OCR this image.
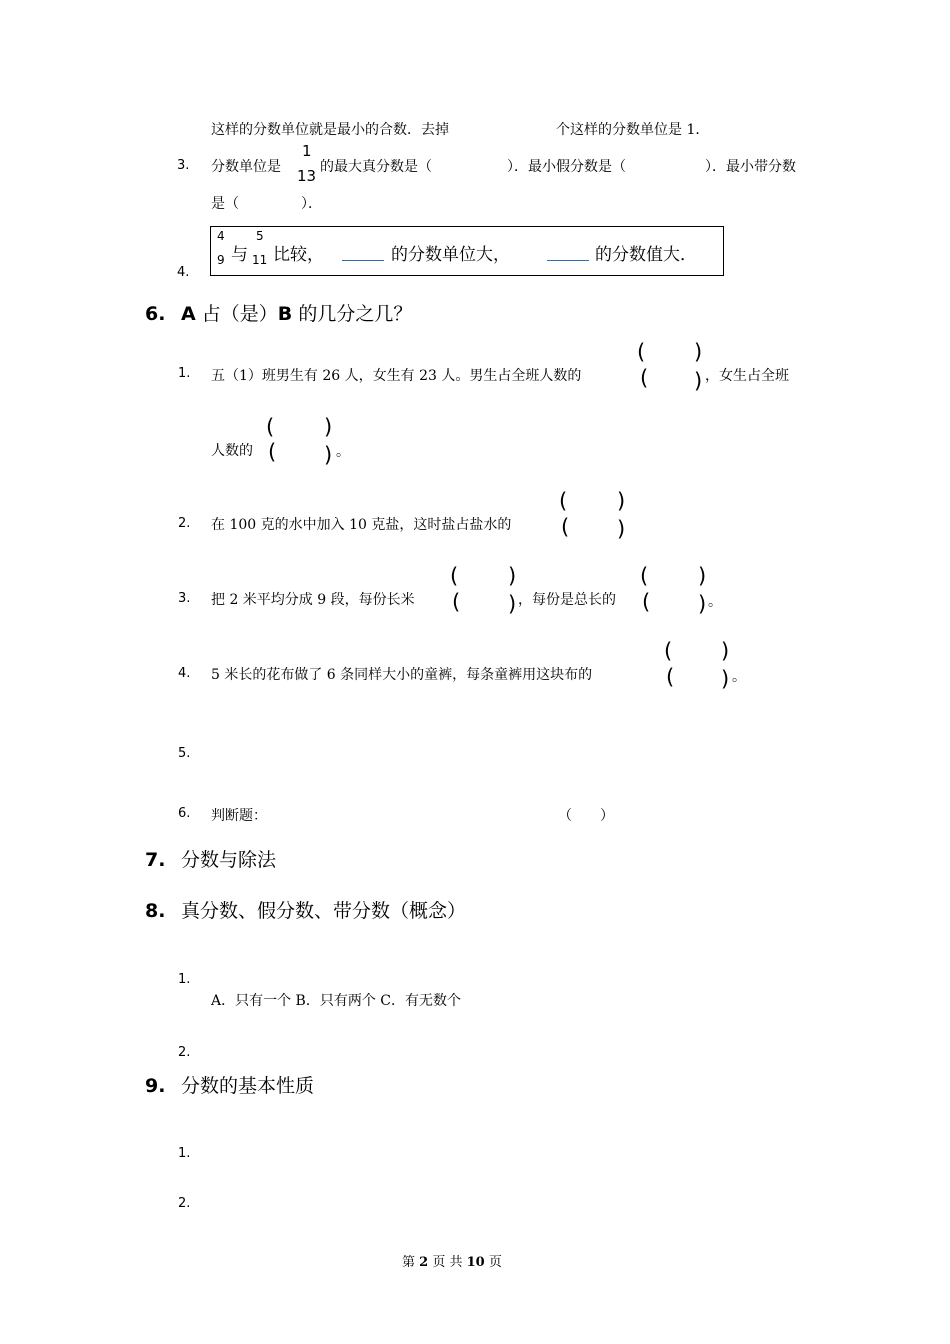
这样的分数单位就是最小的合数．去掉	个这样的分数单位是 1．
3. 分数单位是
1
13 的最大真分数是（	）．最小假分数是（	）．最小带分数
是（	）．
4.
4
9 与
5
11 比较，	的分数单位大，	的分数值大．
6. A 占（是）B 的几分之几？
1. 五（1）班男生有 26 人，女生有 23 人。男生占全班人数的
( )
( ) ，女生占全班
人数的
( )
( ) 。
2. 在 100 克的水中加入 10 克盐，这时盐占盐水的
( )
( )
3. 把 2 米平均分成 9 段，每份长米
( )
( ) ，每份是总长的
( )
( ) 。
4. 5 米长的花布做了 6 条同样大小的童裤，每条童裤用这块布的
( )
( ) 。
5.
6. 判断题：	（　　）
7. 分数与除法
8. 真分数、假分数、带分数（概念）
1.
A．只有一个 B．只有两个 C．有无数个
2.
9. 分数的基本性质
1.
2.
第 2 页 共 10 页
